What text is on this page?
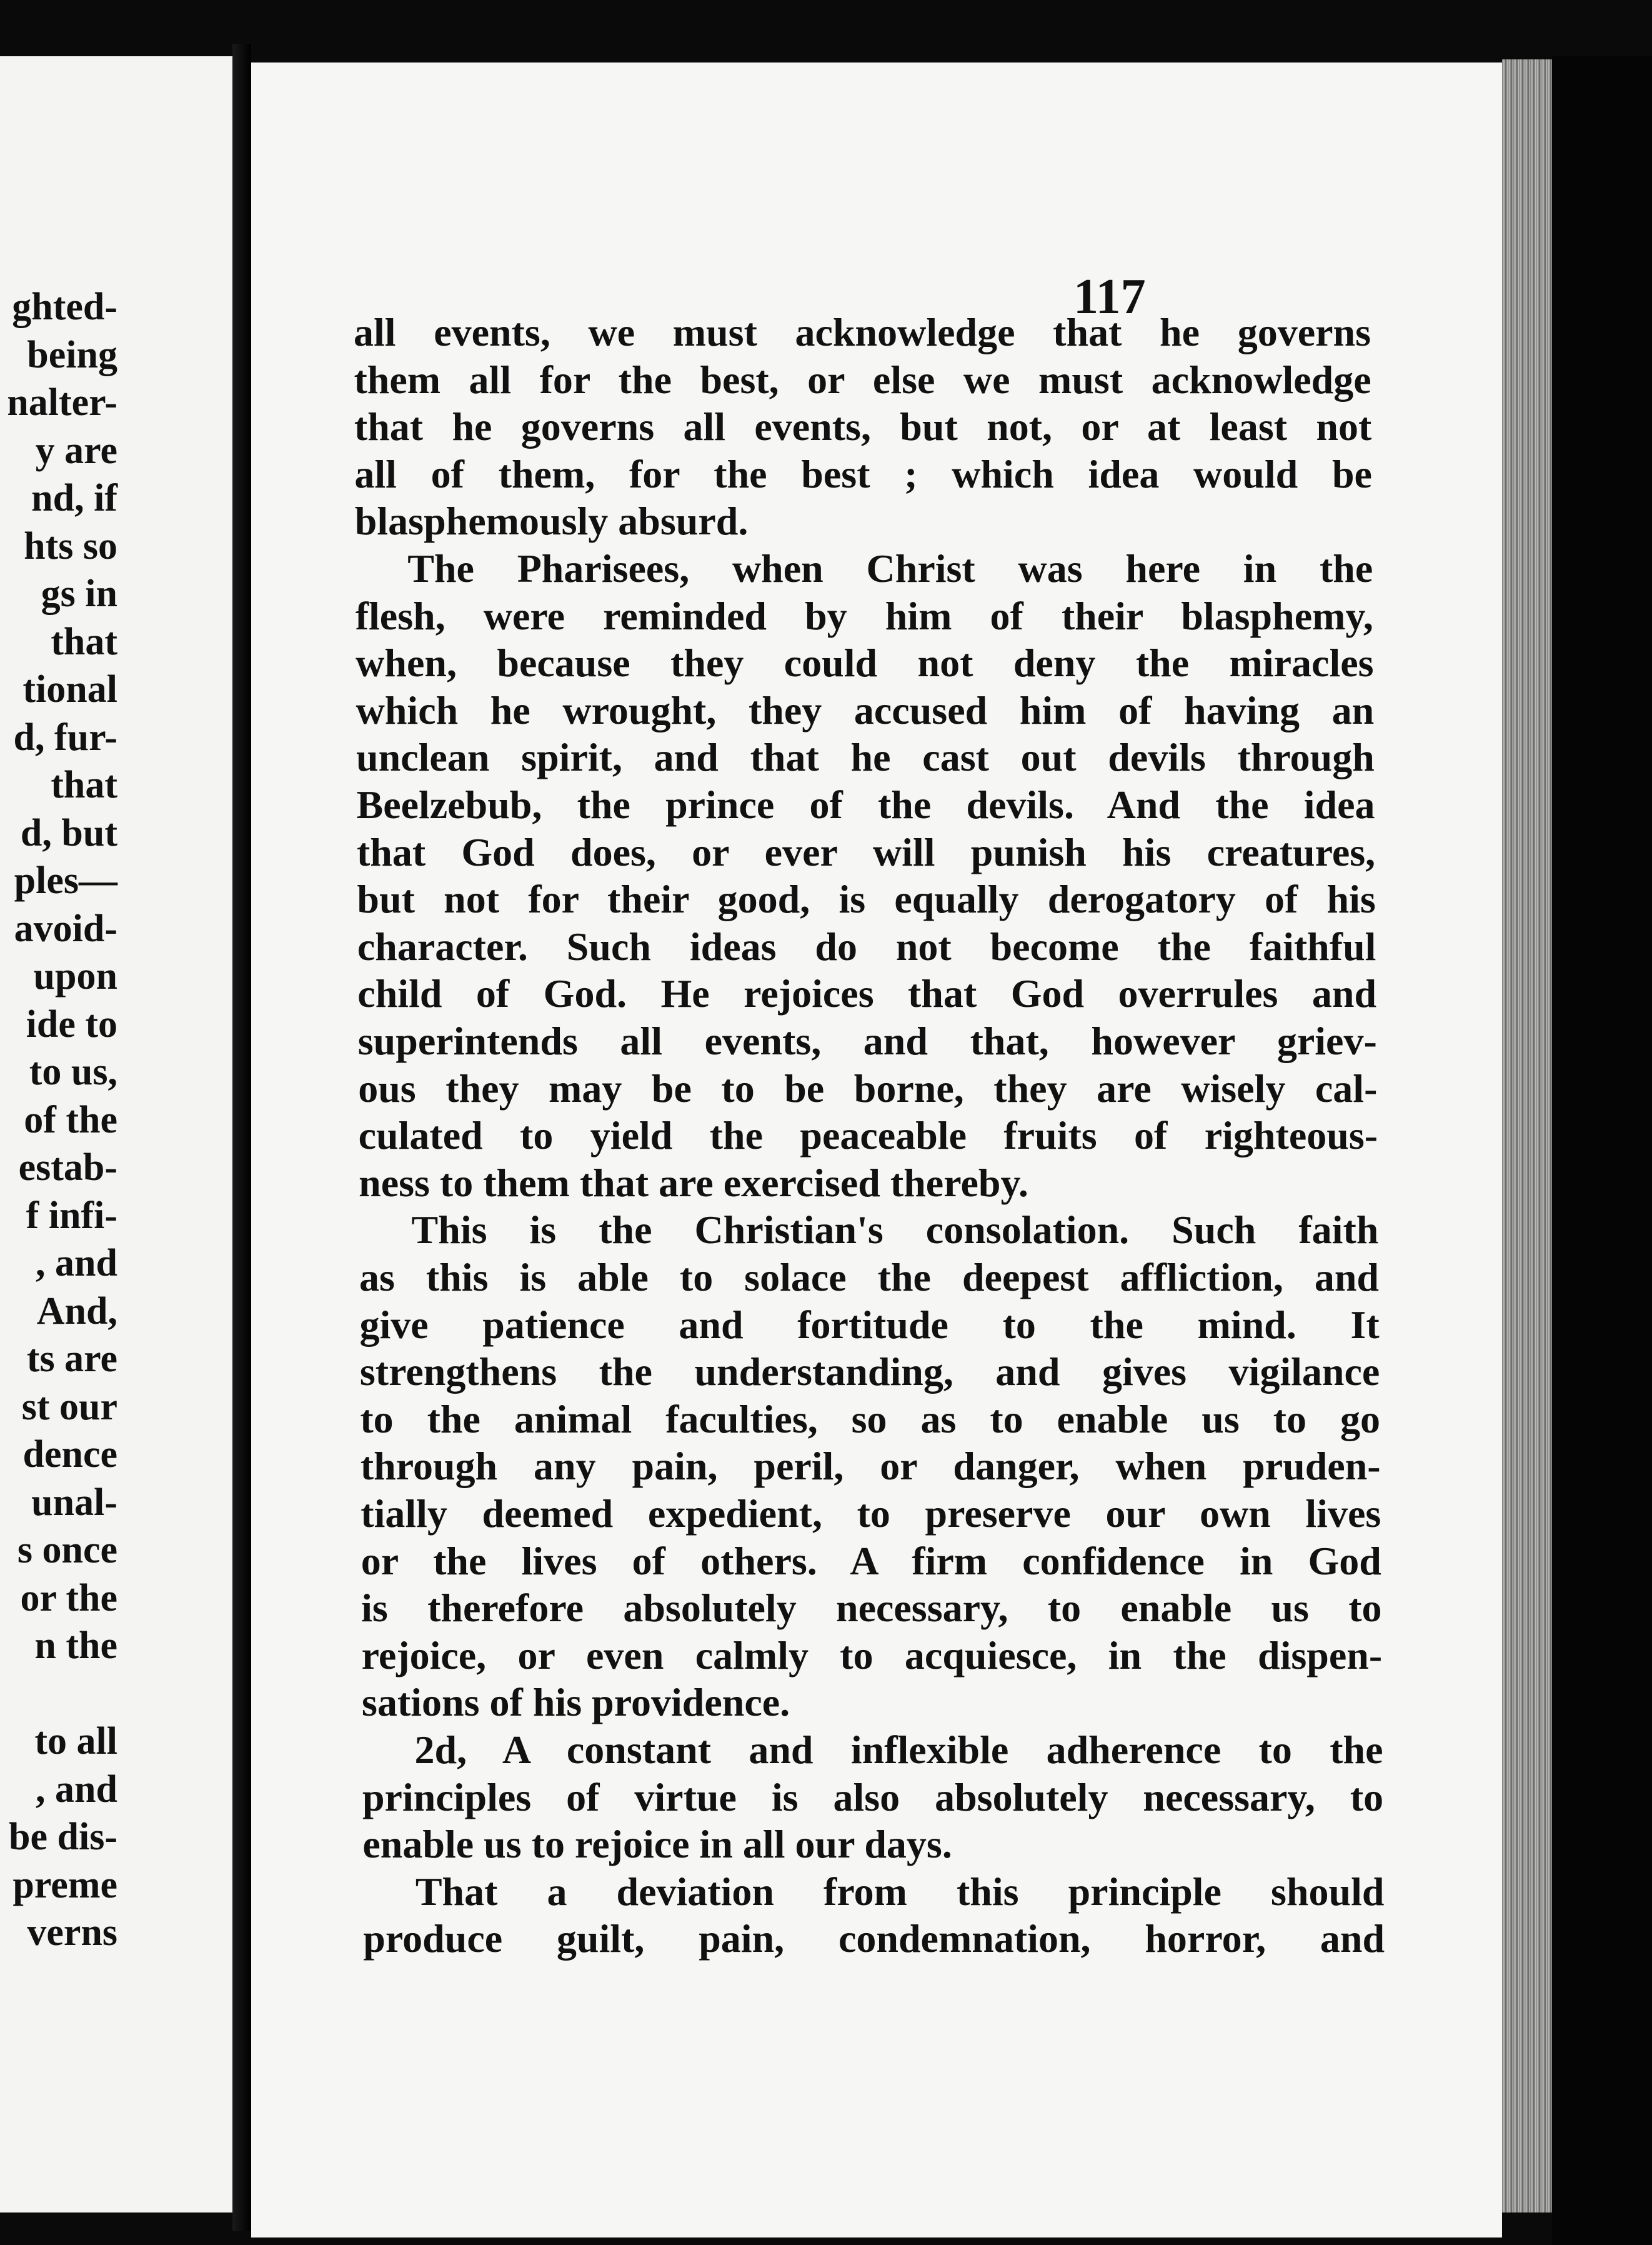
ghted-
being
nalter-
y are
nd, if
hts so
gs in
that
tional
d, fur-
that
d, but
ples—
avoid-
upon
ide to
to us,
of the
estab-
f infi-
, and
And,
ts are
st our
dence
unal-
s once
or the
n the
to all
, and
be dis-
preme
verns
117
all events, we must acknowledge that he governs
them all for the best, or else we must acknowledge
that he governs all events, but not, or at least not
all of them, for the best ; which idea would be
blasphemously absurd.
The Pharisees, when Christ was here in the
flesh, were reminded by him of their blasphemy,
when, because they could not deny the miracles
which he wrought, they accused him of having an
unclean spirit, and that he cast out devils through
Beelzebub, the prince of the devils. And the idea
that God does, or ever will punish his creatures,
but not for their good, is equally derogatory of his
character. Such ideas do not become the faithful
child of God. He rejoices that God overrules and
superintends all events, and that, however griev-
ous they may be to be borne, they are wisely cal-
culated to yield the peaceable fruits of righteous-
ness to them that are exercised thereby.
This is the Christian's consolation. Such faith
as this is able to solace the deepest affliction, and
give patience and fortitude to the mind. It
strengthens the understanding, and gives vigilance
to the animal faculties, so as to enable us to go
through any pain, peril, or danger, when pruden-
tially deemed expedient, to preserve our own lives
or the lives of others. A firm confidence in God
is therefore absolutely necessary, to enable us to
rejoice, or even calmly to acquiesce, in the dispen-
sations of his providence.
2d, A constant and inflexible adherence to the
principles of virtue is also absolutely necessary, to
enable us to rejoice in all our days.
That a deviation from this principle should
produce guilt, pain, condemnation, horror, and
